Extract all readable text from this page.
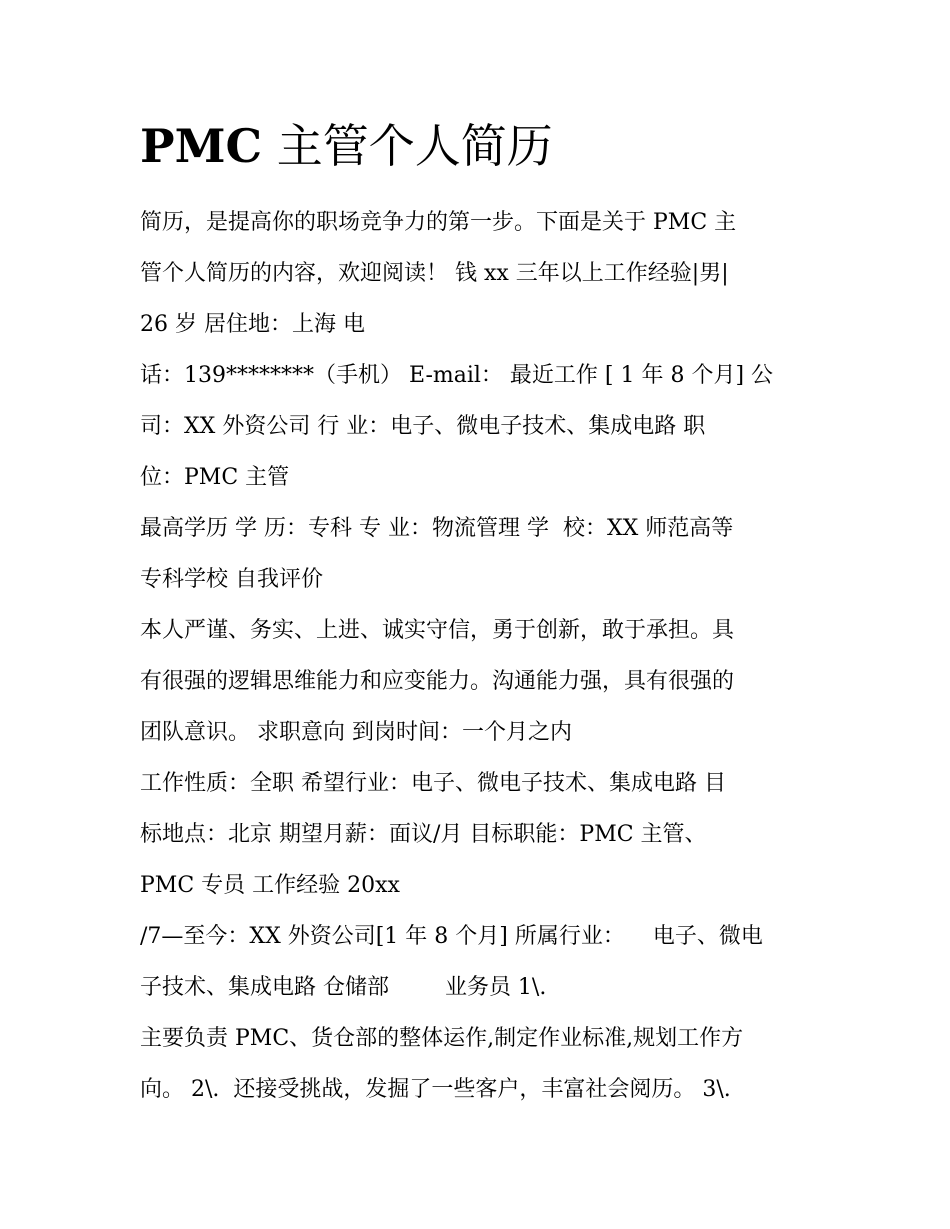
PMC 主管个人简历

简历，是提高你的职场竞争力的第一步。下面是关于 PMC 主

管个人简历的内容，欢迎阅读！ 钱 xx 三年以上工作经验|男|

26 岁 居住地：上海 电

话：139********（手机） E-mail： 最近工作 [ 1 年 8 个月] 公

司：XX 外资公司 行 业：电子、微电子技术、集成电路 职

位：PMC 主管

最高学历 学 历：专科 专 业：物流管理 学  校：XX 师范高等

专科学校 自我评价

本人严谨、务实、上进、诚实守信，勇于创新，敢于承担。具

有很强的逻辑思维能力和应变能力。沟通能力强，具有很强的

团队意识。 求职意向 到岗时间：一个月之内

工作性质：全职 希望行业：电子、微电子技术、集成电路 目

标地点：北京 期望月薪：面议/月 目标职能：PMC 主管、

PMC 专员 工作经验 20xx

/7—至今：XX 外资公司[1 年 8 个月] 所属行业：    电子、微电

子技术、集成电路 仓储部        业务员 1\.

主要负责 PMC、货仓部的整体运作,制定作业标准,规划工作方

向。 2\.  还接受挑战，发掘了一些客户，丰富社会阅历。 3\.
